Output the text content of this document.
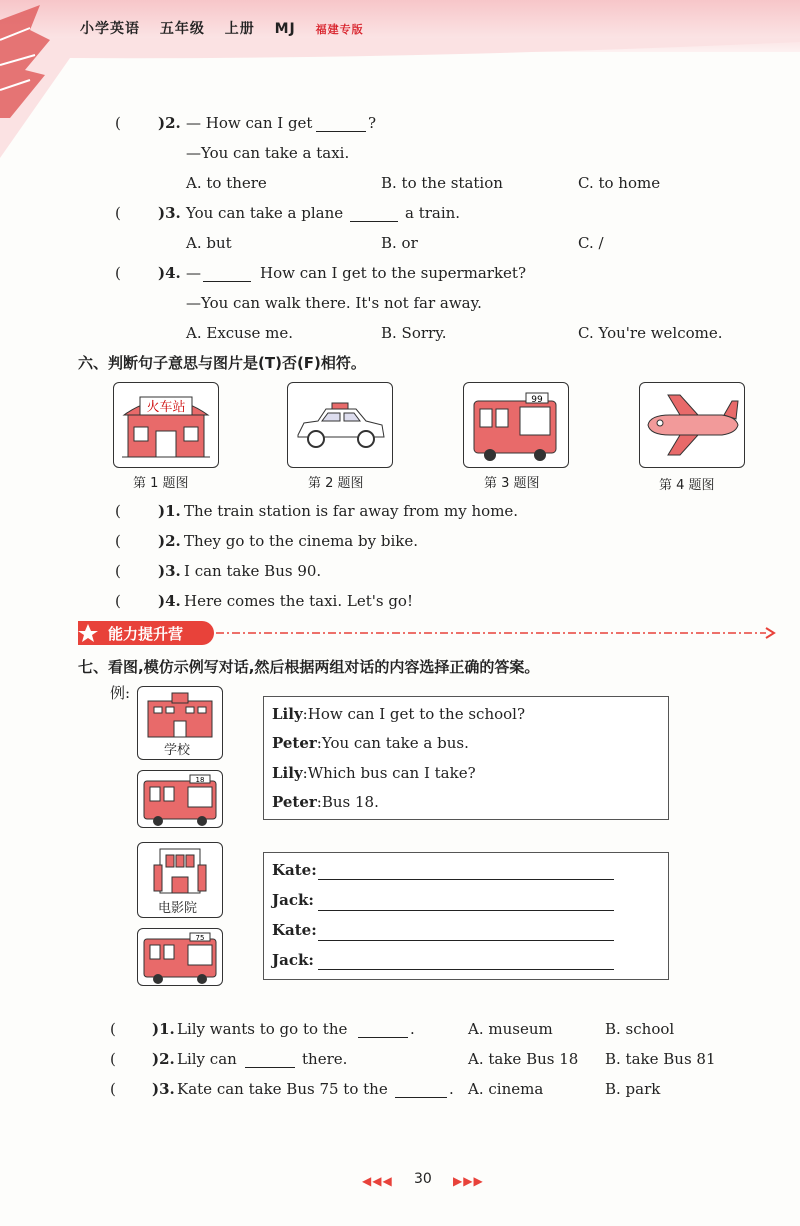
小学英语 五年级 上册 MJ 福建专版
( )2. — How can I get	?
—You can take a taxi.
A. to there	B. to the station	C. to home
( )3. You can take a plane	a train.
A. but	B. or	C. /
( )4. —	How can I get to the supermarket?
—You can walk there. It's not far away.
A. Excuse me.	B. Sorry.	C. You're welcome.
六、判断句子意思与图片是(T)否(F)相符。
火车站
第 1 题图	第 2 题图
99
第 3 题图	第 4 题图
( )1. The train station is far away from my home.
( )2. They go to the cinema by bike.
( )3. I can take Bus 90.
( )4. Here comes the taxi. Let's go!
能力提升营
七、看图,模仿示例写对话,然后根据两组对话的内容选择正确的答案。
例:
学校
18
Lily:How can I get to the school?
Peter:You can take a bus.
Lily:Which bus can I take?
Peter:Bus 18.
电影院
75
Kate:
Jack:
Kate:
Jack:
( )1. Lily wants to go to the	.	A. museum	B. school
( )2. Lily can	there.	A. take Bus 18 B. take Bus 81
( )3. Kate can take Bus 75 to the	. A. cinema	B. park
◀◀◀ 30 ▶▶▶
